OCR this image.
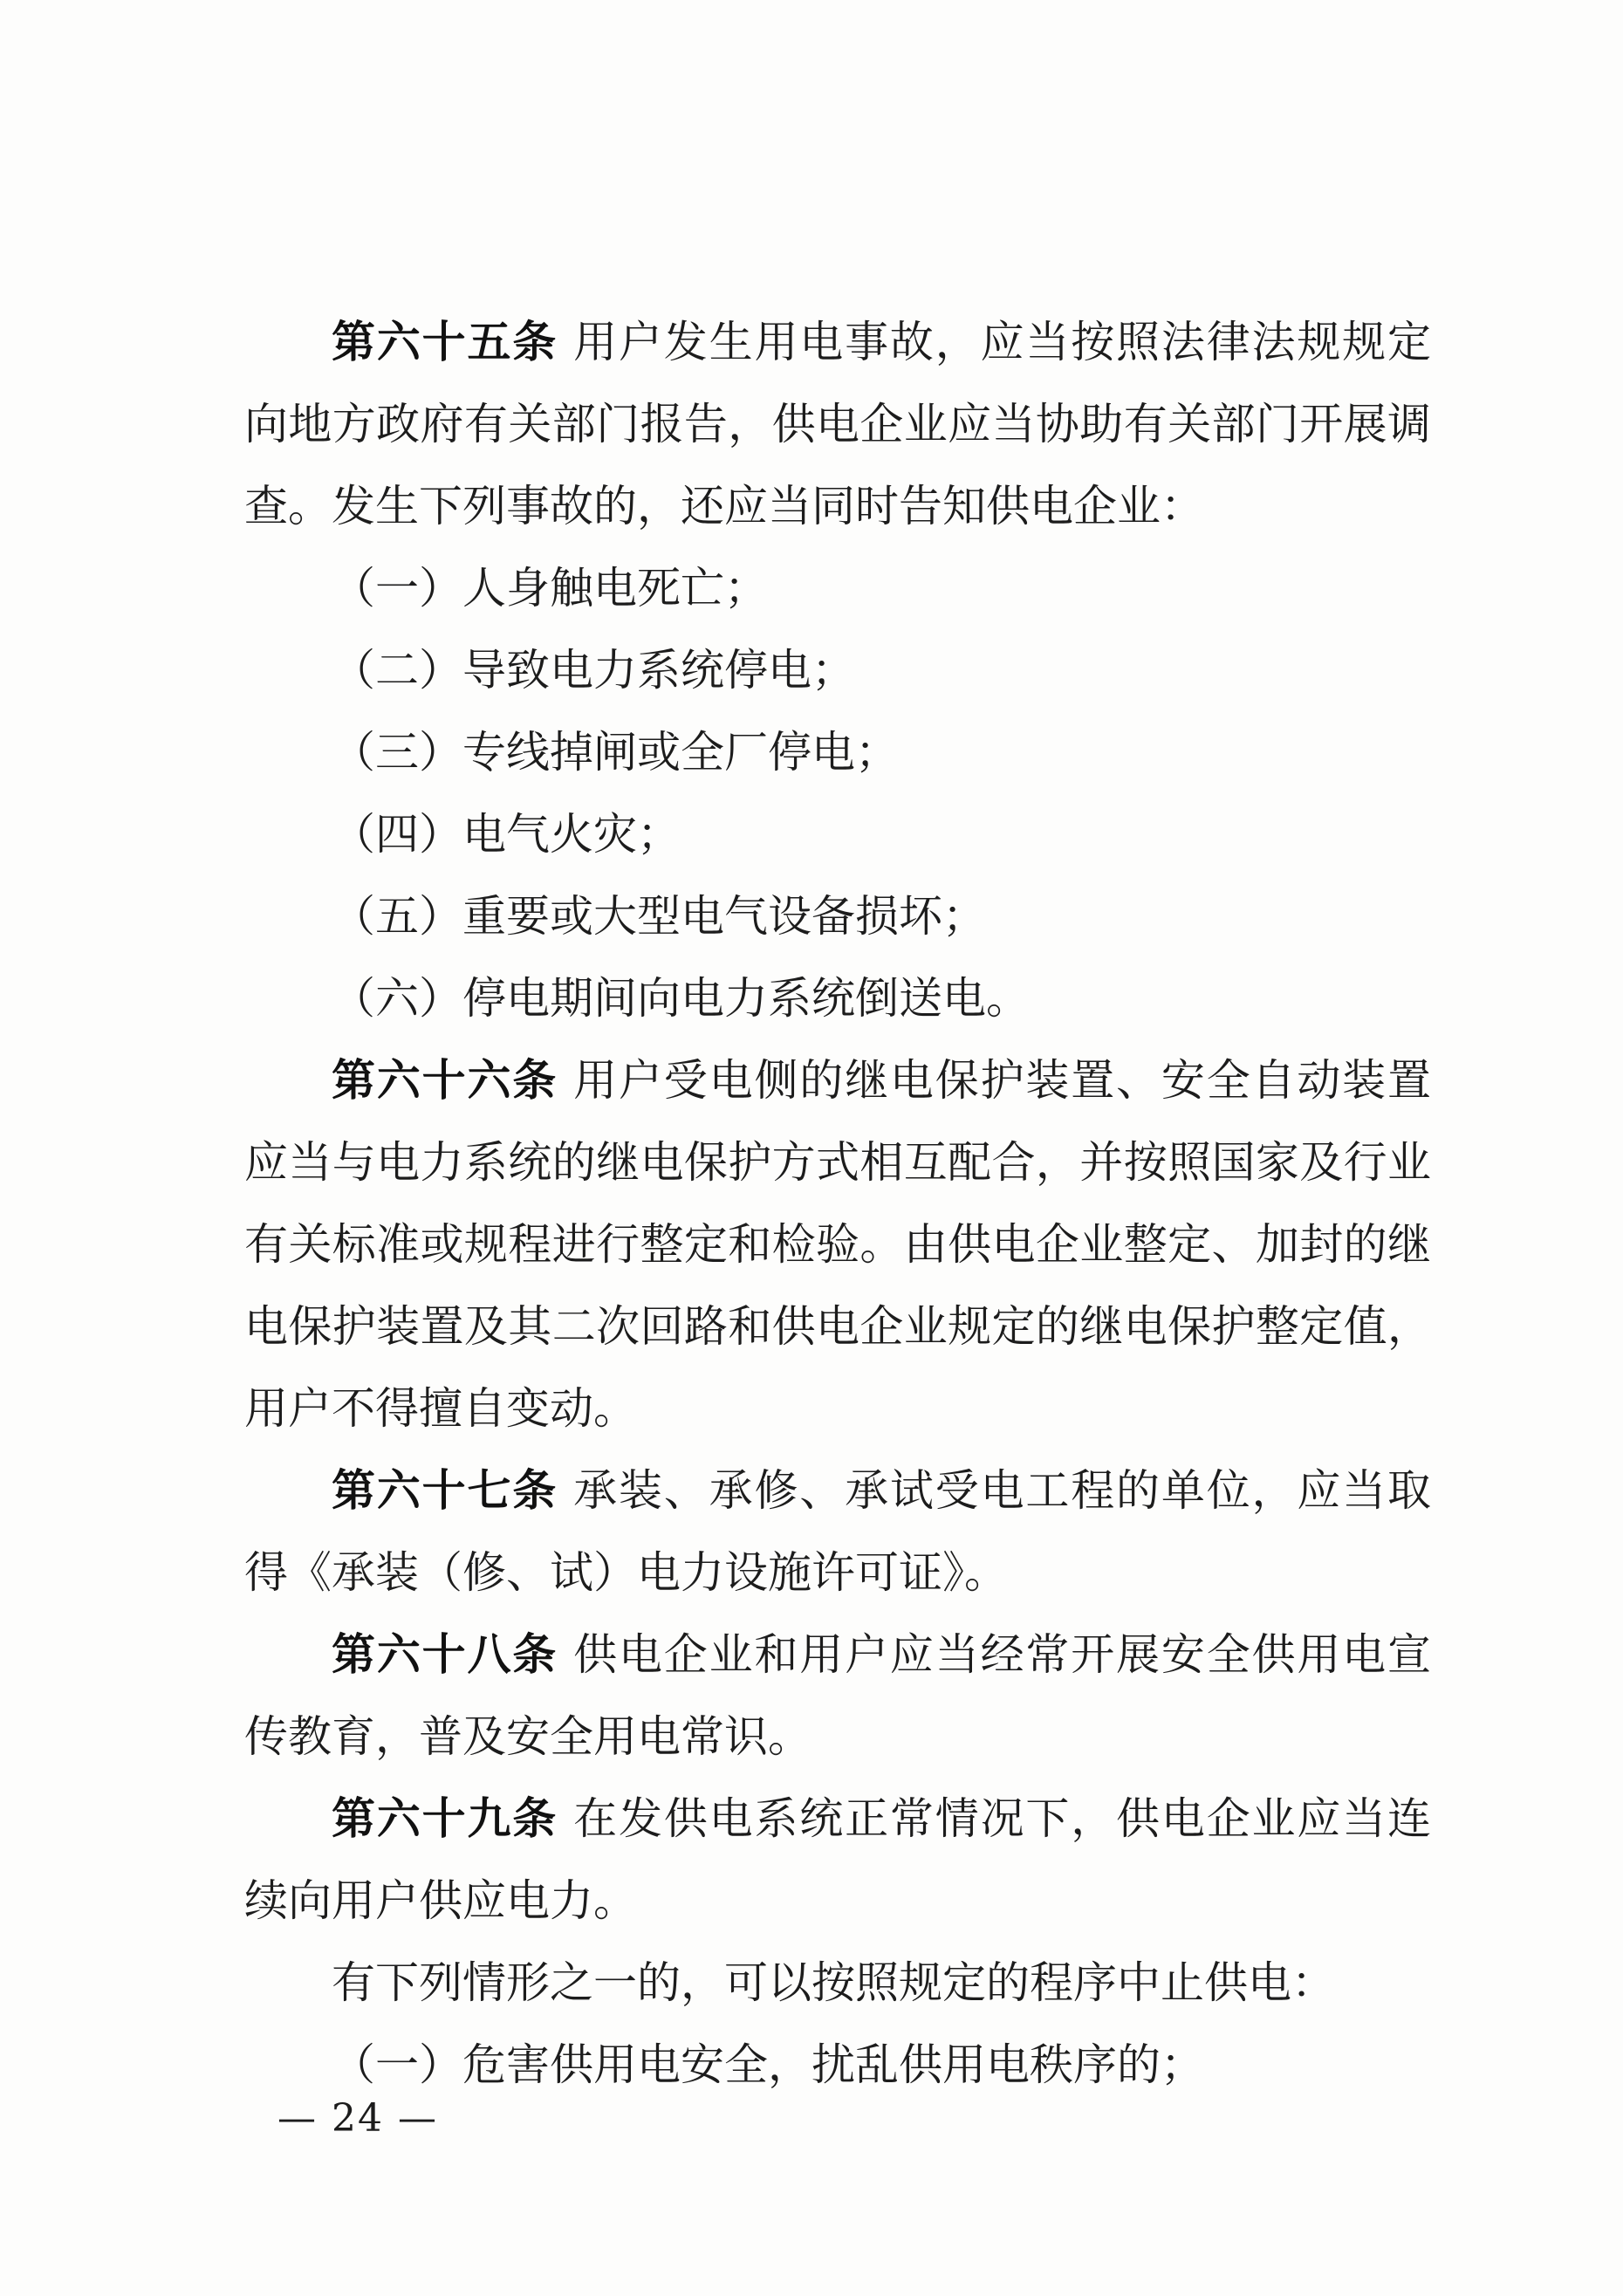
第六十五条 用户发生用电事故，应当按照法律法规规定向地方政府有关部门报告，供电企业应当协助有关部门开展调查。发生下列事故的，还应当同时告知供电企业：

（一）人身触电死亡；

（二）导致电力系统停电；

（三）专线掉闸或全厂停电；

（四）电气火灾；

（五）重要或大型电气设备损坏；

（六）停电期间向电力系统倒送电。

第六十六条 用户受电侧的继电保护装置、安全自动装置应当与电力系统的继电保护方式相互配合，并按照国家及行业有关标准或规程进行整定和检验。由供电企业整定、加封的继电保护装置及其二次回路和供电企业规定的继电保护整定值，用户不得擅自变动。

第六十七条 承装、承修、承试受电工程的单位，应当取得《承装（修、试）电力设施许可证》。

第六十八条 供电企业和用户应当经常开展安全供用电宣传教育，普及安全用电常识。

第六十九条 在发供电系统正常情况下，供电企业应当连续向用户供应电力。

有下列情形之一的，可以按照规定的程序中止供电：

（一）危害供用电安全，扰乱供用电秩序的；

— 24 —
